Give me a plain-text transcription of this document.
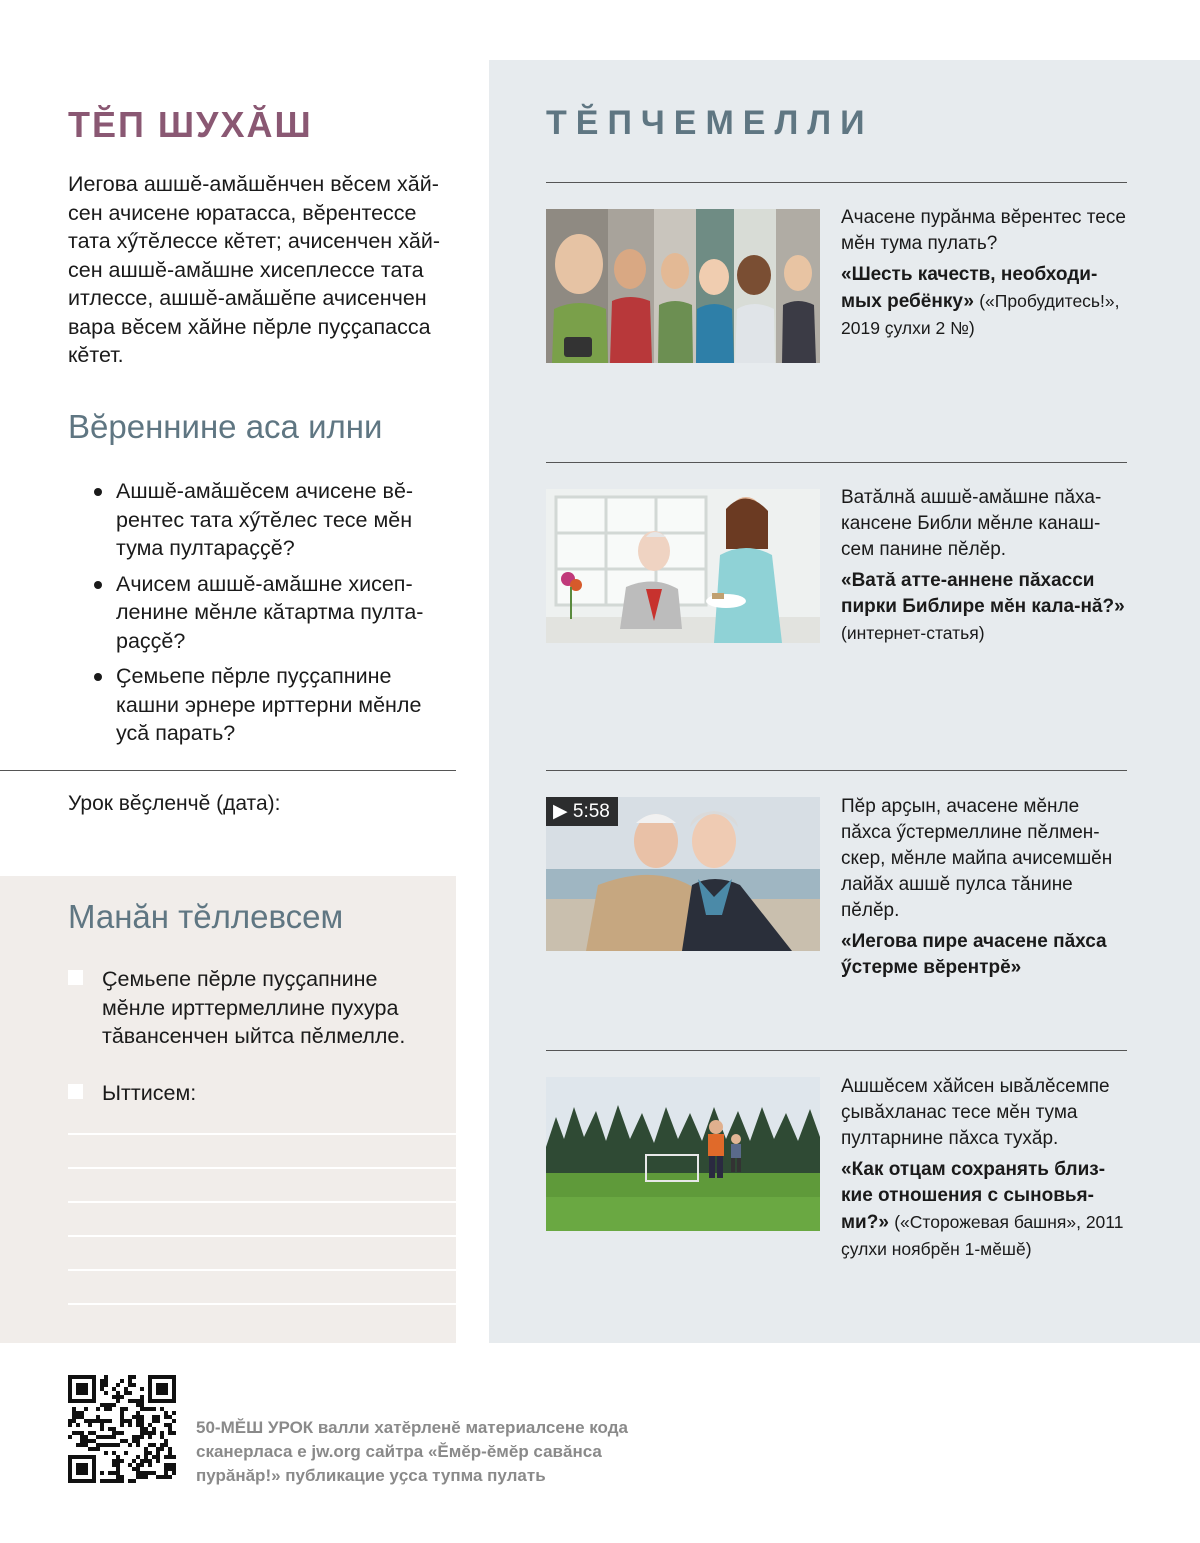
ТĔП ШУХĂШ

Иегова ашшĕ-амăшĕнчен вĕсем хăй-сен ачисене юратасса, вĕрентессе тата хӳтĕлессе кĕтет; ачисенчен хăй-сен ашшĕ-амăшне хисеплессе тата итлессе, ашшĕ-амăшĕпе ачисенчен вара вĕсем хăйне пĕрле пуҫҫапасса кĕтет.

Вĕреннине аса илни
Ашшĕ-амăшĕсем ачисене вĕ-рентес тата хӳтĕлес тесе мĕн тума пултараҫҫĕ?
Ачисем ашшĕ-амăшне хисеп-ленине мĕнле кăтартма пулта-раҫҫĕ?
Ҫемьепе пĕрле пуҫҫапнине кашни эрнере ирттерни мĕнле усă парать?
Урок вĕҫленчĕ (дата):
Манăн тĕллевсем
Ҫемьепе пĕрле пуҫҫапнине мĕнле ирттермеллине пухура тăвансенчен ыйтса пĕлмелле.
Ыттисем:
ТĔПЧЕМЕЛЛИ

Ачасене пурăнма вĕрентес тесе мĕн тума пулать?

«Шесть качеств, необходи-мых ребёнку» («Пробудитесь!», 2019 ҫулхи 2 №)

Ватăлнă ашшĕ-амăшне пăха-кансене Библи мĕнле канаш-сем панине пĕлĕр.

«Ватă атте-аннене пăхасси пирки Библире мĕн кала-нă?» (интернет-статья)
▶ 5:58	Пĕр арҫын, ачасене мĕнле пăхса ӳстермеллине пĕлмен-скер, мĕнле майпа ачисемшĕн лайăх ашшĕ пулса тăнине пĕлĕр.

«Иегова пире ачасене пăхса ӳстерме вĕрентрĕ»

Ашшĕсем хăйсен ывăлĕсемпе ҫывăхланас тесе мĕн тума пултарнине пăхса тухăр.

«Как отцам сохранять близ-кие отношения с сыновья-ми?» («Сторожевая башня», 2011 ҫулхи ноябрĕн 1-мĕшĕ)

50-МĔШ УРОК валли хатĕрленĕ материалсене кода сканерласа е jw.org сайтра «Ĕмĕр-ĕмĕр савăнса пурăнăр!» публикацие уҫса тупма пулать
